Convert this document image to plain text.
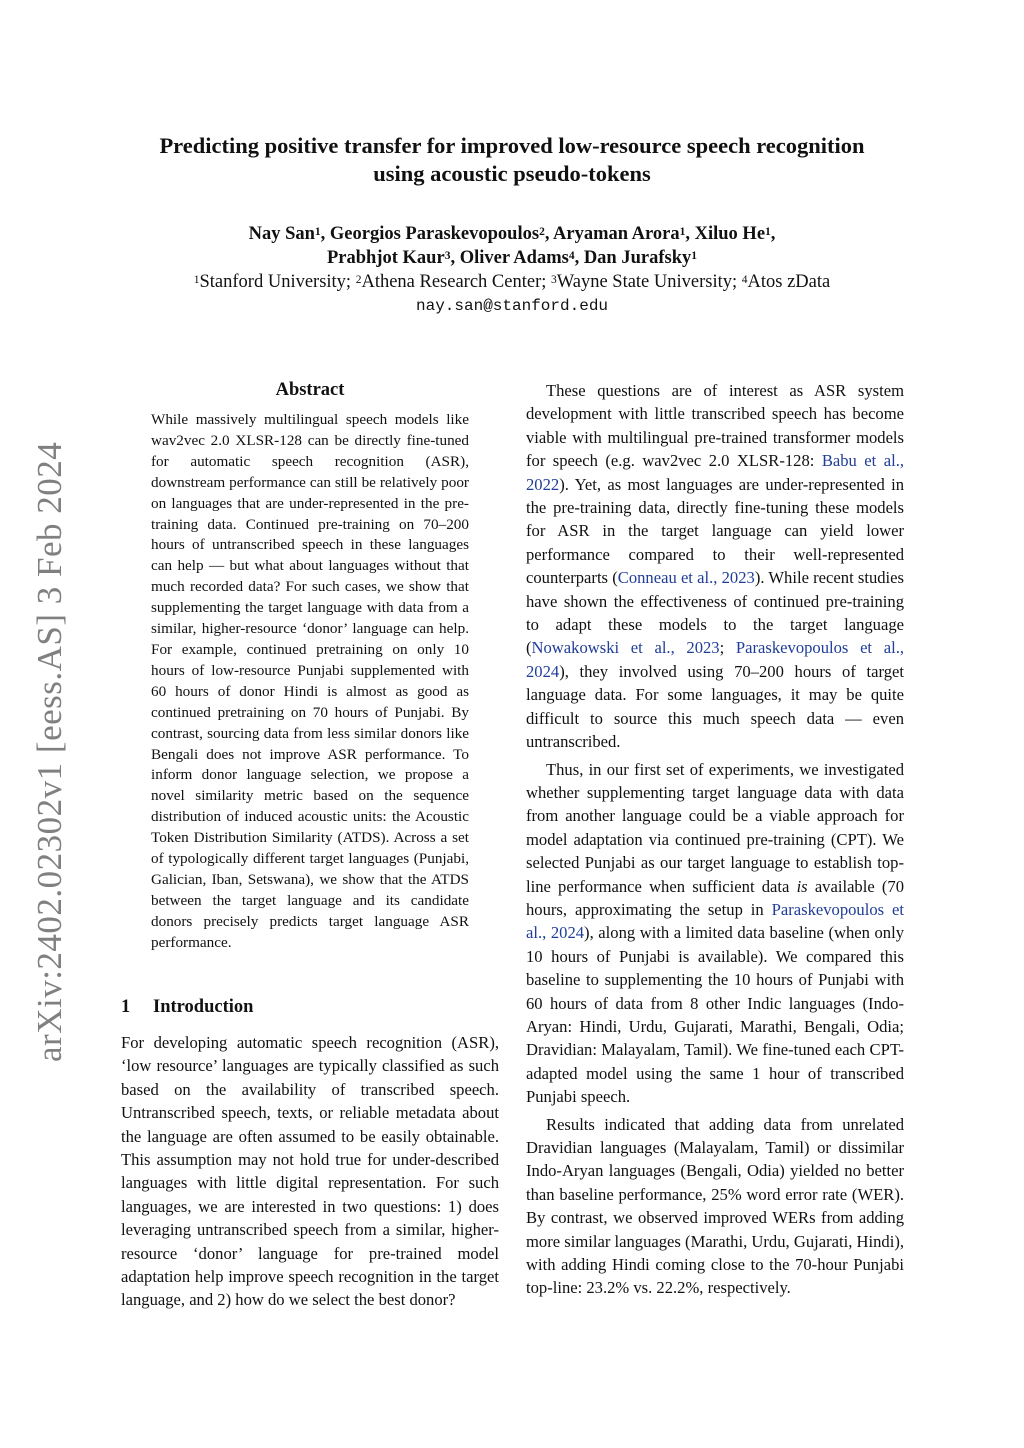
arXiv:2402.02302v1 [eess.AS] 3 Feb 2024
Predicting positive transfer for improved low-resource speech recognition
using acoustic pseudo-tokens
Nay San$^1$, Georgios Paraskevopoulos$^2$, Aryaman Arora$^1$, Xiluo He$^1$,
Prabhjot Kaur$^3$, Oliver Adams$^4$, Dan Jurafsky$^1$
$^1$Stanford University; $^2$Athena Research Center; $^3$Wayne State University; $^4$Atos zData
nay.san@stanford.edu
Abstract
While massively multilingual speech models like wav2vec 2.0 XLSR-128 can be directly fine-tuned for automatic speech recognition (ASR), downstream performance can still be relatively poor on languages that are under-represented in the pre-training data. Continued pre-training on 70–200 hours of untranscribed speech in these languages can help — but what about languages without that much recorded data? For such cases, we show that supplementing the target language with data from a similar, higher-resource ‘donor’ language can help. For example, continued pretraining on only 10 hours of low-resource Punjabi supplemented with 60 hours of donor Hindi is almost as good as continued pretraining on 70 hours of Punjabi. By contrast, sourcing data from less similar donors like Bengali does not improve ASR performance. To inform donor language selection, we propose a novel similarity metric based on the sequence distribution of induced acoustic units: the Acoustic Token Distribution Similarity (ATDS). Across a set of typologically different target languages (Punjabi, Galician, Iban, Setswana), we show that the ATDS between the target language and its candidate donors precisely predicts target language ASR performance.
1 Introduction

For developing automatic speech recognition (ASR), ‘low resource’ languages are typically classified as such based on the availability of transcribed speech. Untranscribed speech, texts, or reliable metadata about the language are often assumed to be easily obtainable. This assumption may not hold true for under-described languages with little digital representation. For such languages, we are interested in two questions: 1) does leveraging untranscribed speech from a similar, higher-resource ‘donor’ language for pre-trained model adaptation help improve speech recognition in the target language, and 2) how do we select the best donor?

These questions are of interest as ASR system development with little transcribed speech has become viable with multilingual pre-trained transformer models for speech (e.g. wav2vec 2.0 XLSR-128: Babu et al., 2022). Yet, as most languages are under-represented in the pre-training data, directly fine-tuning these models for ASR in the target language can yield lower performance compared to their well-represented counterparts (Conneau et al., 2023). While recent studies have shown the effectiveness of continued pre-training to adapt these models to the target language (Nowakowski et al., 2023; Paraskevopoulos et al., 2024), they involved using 70–200 hours of target language data. For some languages, it may be quite difficult to source this much speech data — even untranscribed.

Thus, in our first set of experiments, we investigated whether supplementing target language data with data from another language could be a viable approach for model adaptation via continued pre-training (CPT). We selected Punjabi as our target language to establish top-line performance when sufficient data is available (70 hours, approximating the setup in Paraskevopoulos et al., 2024), along with a limited data baseline (when only 10 hours of Punjabi is available). We compared this baseline to supplementing the 10 hours of Punjabi with 60 hours of data from 8 other Indic languages (Indo-Aryan: Hindi, Urdu, Gujarati, Marathi, Bengali, Odia; Dravidian: Malayalam, Tamil). We fine-tuned each CPT-adapted model using the same 1 hour of transcribed Punjabi speech.

Results indicated that adding data from unrelated Dravidian languages (Malayalam, Tamil) or dissimilar Indo-Aryan languages (Bengali, Odia) yielded no better than baseline performance, 25% word error rate (WER). By contrast, we observed improved WERs from adding more similar languages (Marathi, Urdu, Gujarati, Hindi), with adding Hindi coming close to the 70-hour Punjabi top-line: 23.2% vs. 22.2%, respectively.
